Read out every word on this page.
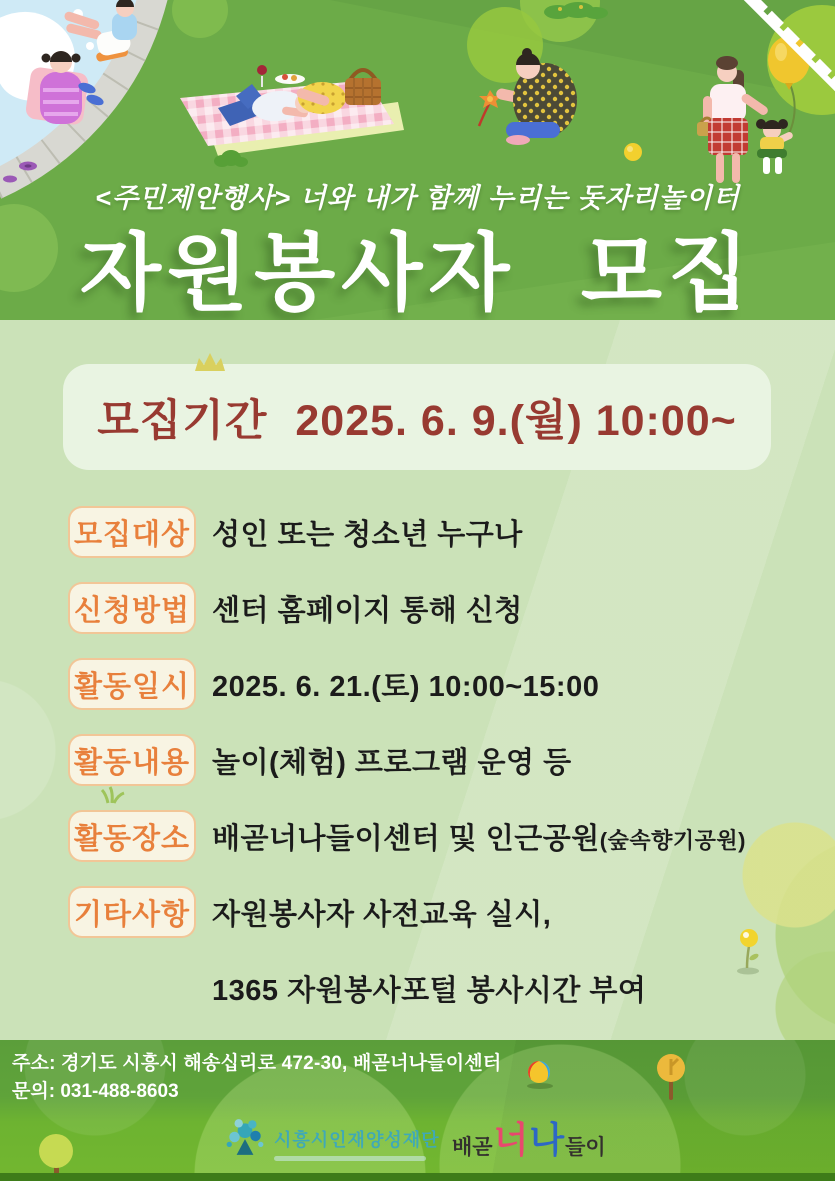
<주민제안행사> 너와 내가 함께 누리는 돗자리놀이터
자원봉사자 모집
모집기간 2025. 6. 9.(월) 10:00~
모집대상 성인 또는 청소년 누구나
신청방법 센터 홈페이지 통해 신청
활동일시 2025. 6. 21.(토) 10:00~15:00
활동내용 놀이(체험) 프로그램 운영 등
활동장소 배곧너나들이센터 및 인근공원(숲속향기공원)
기타사항 자원봉사자 사전교육 실시,
1365 자원봉사포털 봉사시간 부여
주소: 경기도 시흥시 해송십리로 472-30, 배곧너나들이센터
문의: 031-488-8603
시흥시인재양성재단 배곧 너 나 들이
